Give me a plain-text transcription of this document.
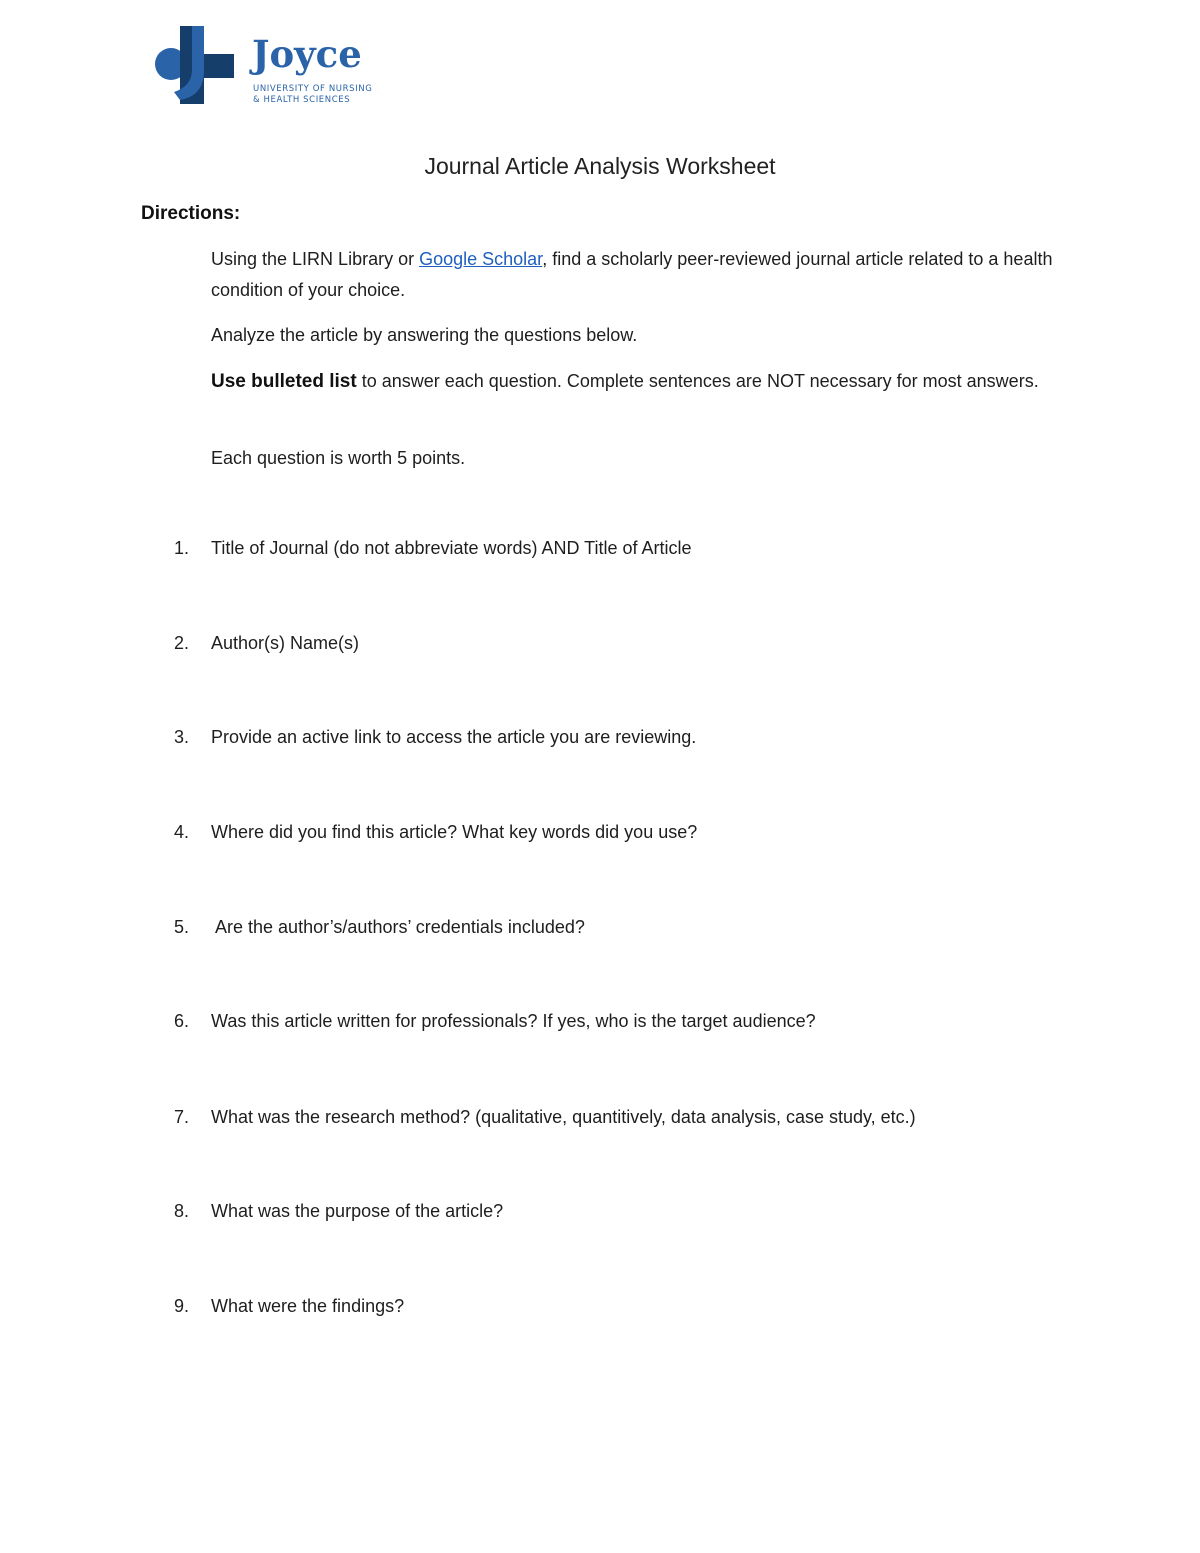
Joyce
UNIVERSITY OF NURSING
& HEALTH SCIENCES
Journal Article Analysis Worksheet
Directions:

Using the LIRN Library or Google Scholar, find a scholarly peer-reviewed journal article related to a health condition of your choice.

Analyze the article by answering the questions below.

Use bulleted list to answer each question. Complete sentences are NOT necessary for most answers.

Each question is worth 5 points.

1.	Title of Journal (do not abbreviate words) AND Title of Article
2.	Author(s) Name(s)
3.	Provide an active link to access the article you are reviewing.
4.	Where did you find this article? What key words did you use?
5.	Are the author’s/authors’ credentials included?
6.	Was this article written for professionals? If yes, who is the target audience?
7.	What was the research method? (qualitative, quantitively, data analysis, case study, etc.)
8.	What was the purpose of the article?
9.	What were the findings?
